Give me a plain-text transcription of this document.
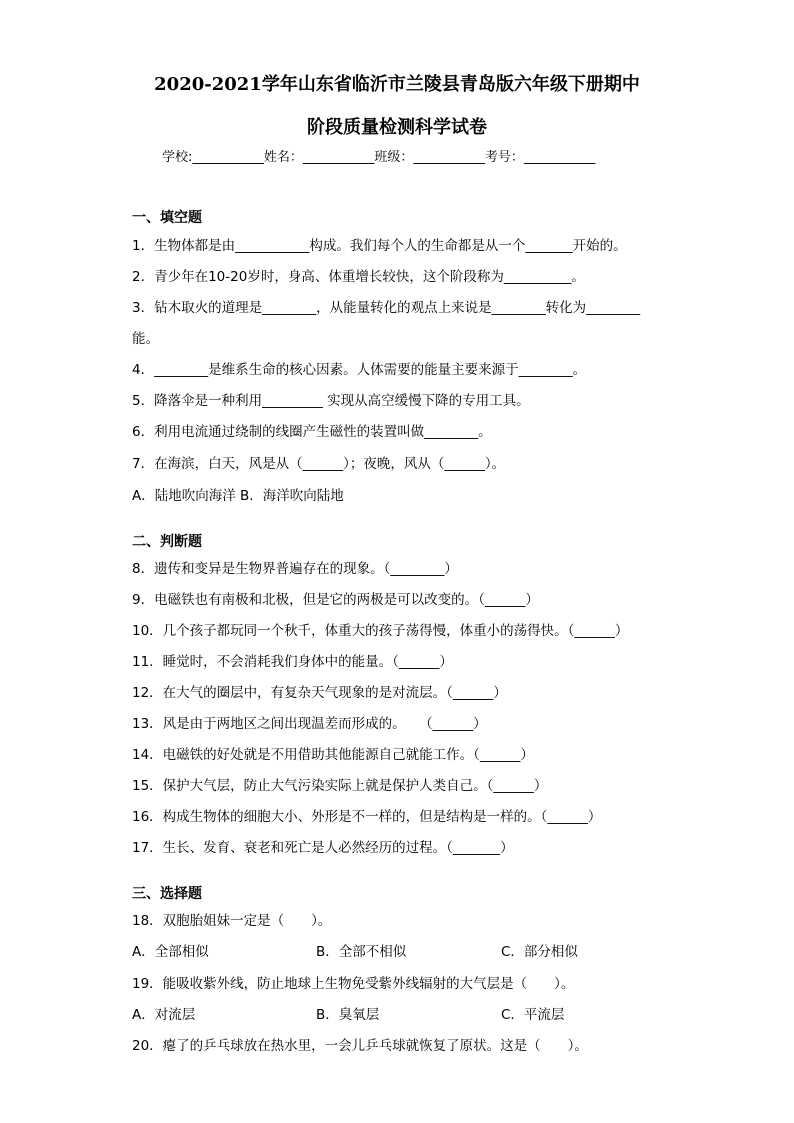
2020-2021学年山东省临沂市兰陵县青岛版六年级下册期中
阶段质量检测科学试卷
学校:___________姓名：___________班级：___________考号：___________
一、填空题
1．生物体都是由___________构成。我们每个人的生命都是从一个_______开始的。
2．青少年在10-20岁时，身高、体重增长较快，这个阶段称为__________。
3．钻木取火的道理是________，从能量转化的观点上来说是________转化为________
能。
4．________是维系生命的核心因素。人体需要的能量主要来源于________。
5．降落伞是一种利用_________ 实现从高空缓慢下降的专用工具。
6．利用电流通过绕制的线圈产生磁性的装置叫做________。
7．在海滨，白天，风是从（______）；夜晚，风从（______）。
A．陆地吹向海洋 B．海洋吹向陆地
二、判断题
8．遗传和变异是生物界普遍存在的现象。（________）
9．电磁铁也有南极和北极，但是它的两极是可以改变的。（______）
10．几个孩子都玩同一个秋千，体重大的孩子荡得慢，体重小的荡得快。（______）
11．睡觉时，不会消耗我们身体中的能量。（______）
12．在大气的圈层中，有复杂天气现象的是对流层。（______）
13．风是由于两地区之间出现温差而形成的。　　（______）
14．电磁铁的好处就是不用借助其他能源自己就能工作。（______）
15．保护大气层，防止大气污染实际上就是保护人类自己。（______）
16．构成生物体的细胞大小、外形是不一样的，但是结构是一样的。（______）
17．生长、发育、衰老和死亡是人必然经历的过程。（_______）
三、选择题
18．双胞胎姐妹一定是（　　）。
A．全部相似	B．全部不相似	C．部分相似
19．能吸收紫外线，防止地球上生物免受紫外线辐射的大气层是（　　）。
A．对流层	B．臭氧层	C．平流层
20．瘪了的乒乓球放在热水里，一会儿乒乓球就恢复了原状。这是（　　）。
